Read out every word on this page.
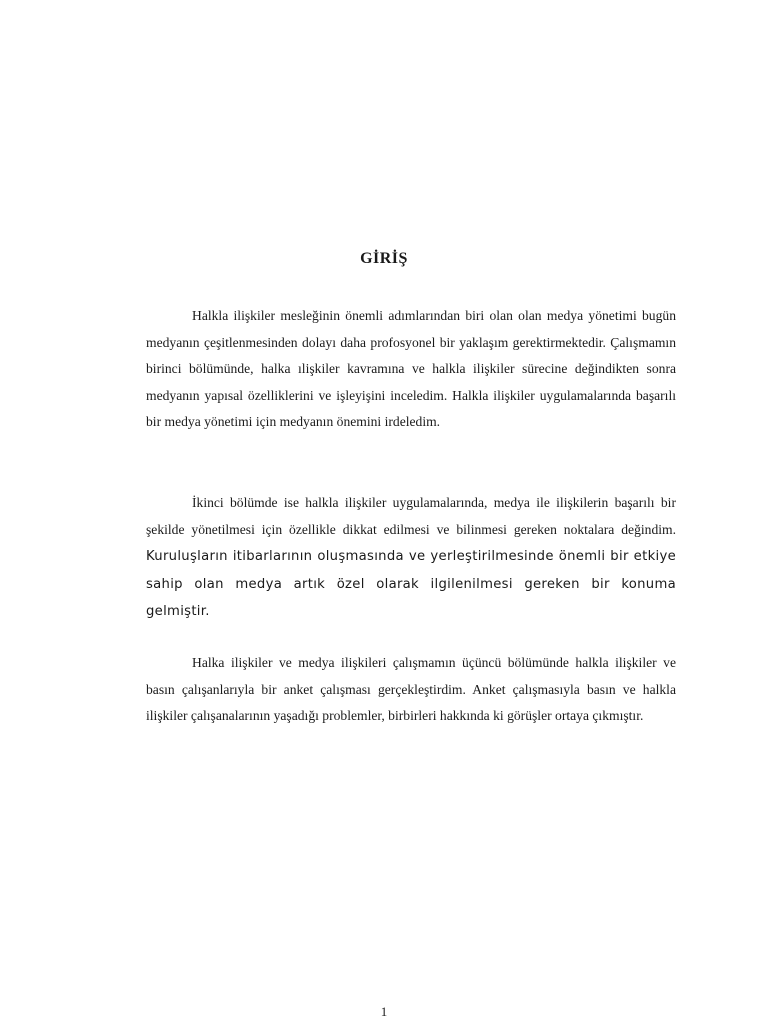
GİRİŞ

Halkla ilişkiler mesleğinin önemli adımlarından biri olan olan medya yönetimi bugün medyanın çeşitlenmesinden dolayı daha profosyonel bir yaklaşım gerektirmektedir. Çalışmamın birinci bölümünde, halka ılişkiler kavramına ve halkla ilişkiler sürecine değindikten sonra medyanın yapısal özelliklerini ve işleyişini inceledim. Halkla ilişkiler uygulamalarında başarılı bir medya yönetimi için medyanın önemini irdeledim.

İkinci bölümde ise halkla ilişkiler uygulamalarında, medya ile ilişkilerin başarılı bir şekilde yönetilmesi için özellikle dikkat edilmesi ve bilinmesi gereken noktalara değindim. Kuruluşların itibarlarının oluşmasında ve yerleştirilmesinde önemli bir etkiye sahip olan medya artık özel olarak ilgilenilmesi gereken bir konuma gelmiştir.

Halka ilişkiler ve medya ilişkileri çalışmamın üçüncü bölümünde halkla ilişkiler ve basın çalışanlarıyla bir anket çalışması gerçekleştirdim. Anket çalışmasıyla basın ve halkla ilişkiler çalışanalarının yaşadığı problemler, birbirleri hakkında ki görüşler ortaya çıkmıştır.

1
